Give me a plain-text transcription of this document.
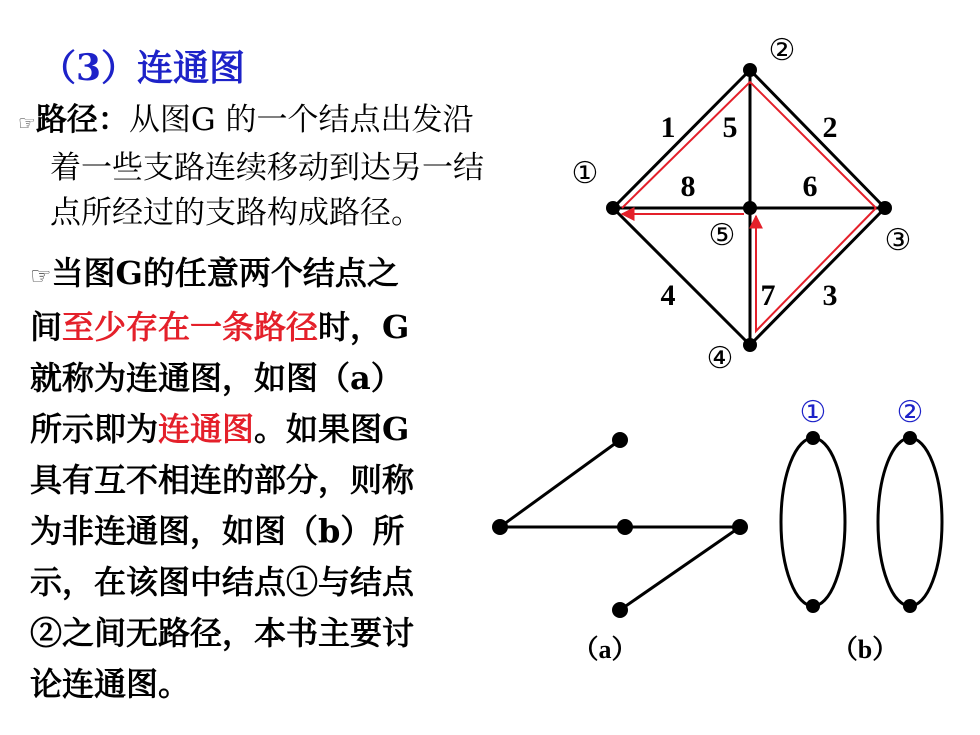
（3）连通图
☞路径：从图G 的一个结点出发沿
着一些支路连续移动到达另一结
点所经过的支路构成路径。
☞当图G的任意两个结点之
间至少存在一条路径时，G
就称为连通图，如图（a）
所示即为连通图。如果图G
具有互不相连的部分，则称
为非连通图，如图（b）所
示，在该图中结点①与结点
②之间无路径，本书主要讨
论连通图。
①
②
③
④
⑤
1	2
3
4
5
6
7
8
（a）
① ②
（b）
